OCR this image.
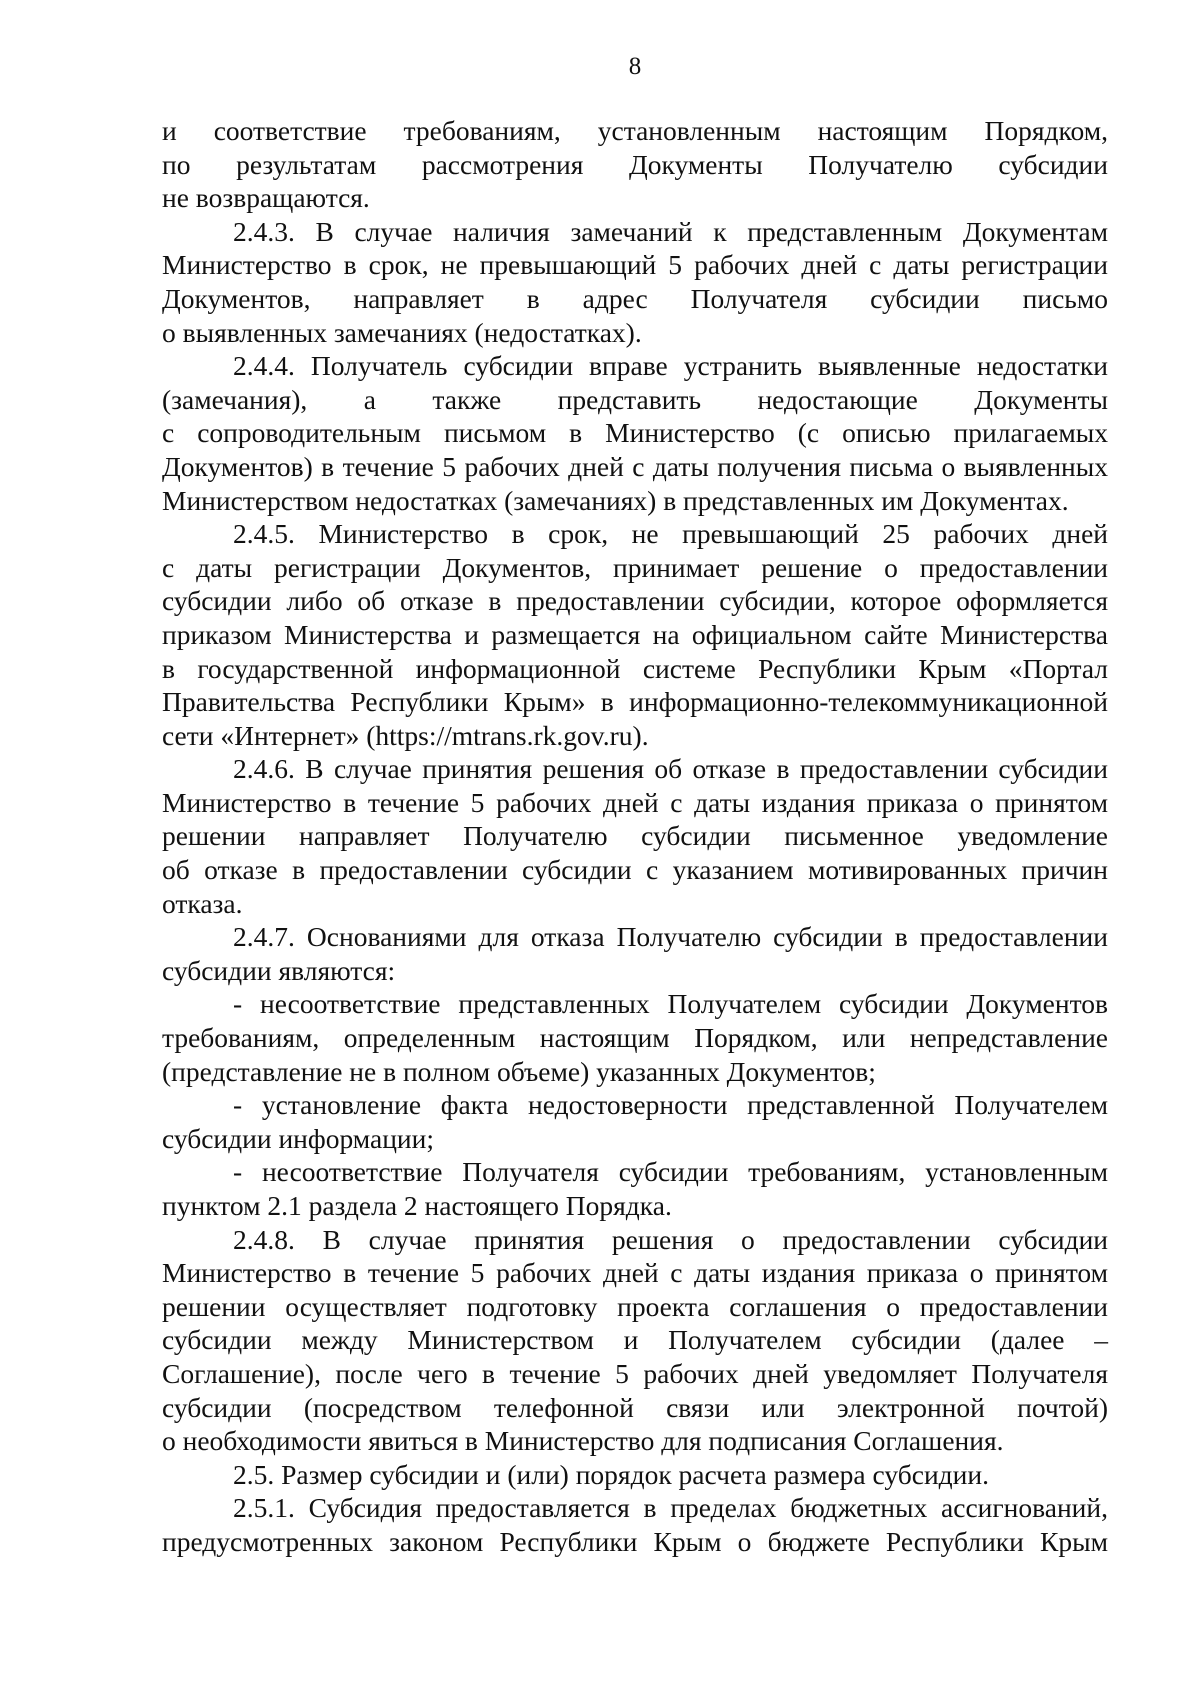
8
и соответствие требованиям, установленным настоящим Порядком,
по результатам рассмотрения Документы Получателю субсидии
не возвращаются.
2.4.3. В случае наличия замечаний к представленным Документам
Министерство в срок, не превышающий 5 рабочих дней с даты регистрации
Документов, направляет в адрес Получателя субсидии письмо
о выявленных замечаниях (недостатках).
2.4.4. Получатель субсидии вправе устранить выявленные недостатки
(замечания), а также представить недостающие Документы
с сопроводительным письмом в Министерство (с описью прилагаемых
Документов) в течение 5 рабочих дней с даты получения письма о выявленных
Министерством недостатках (замечаниях) в представленных им Документах.
2.4.5. Министерство в срок, не превышающий 25 рабочих дней
с даты регистрации Документов, принимает решение о предоставлении
субсидии либо об отказе в предоставлении субсидии, которое оформляется
приказом Министерства и размещается на официальном сайте Министерства
в государственной информационной системе Республики Крым «Портал
Правительства Республики Крым» в информационно-телекоммуникационной
сети «Интернет» (https://mtrans.rk.gov.ru).
2.4.6. В случае принятия решения об отказе в предоставлении субсидии
Министерство в течение 5 рабочих дней с даты издания приказа о принятом
решении направляет Получателю субсидии письменное уведомление
об отказе в предоставлении субсидии с указанием мотивированных причин
отказа.
2.4.7. Основаниями для отказа Получателю субсидии в предоставлении
субсидии являются:
- несоответствие представленных Получателем субсидии Документов
требованиям, определенным настоящим Порядком, или непредставление
(представление не в полном объеме) указанных Документов;
- установление факта недостоверности представленной Получателем
субсидии информации;
- несоответствие Получателя субсидии требованиям, установленным
пунктом 2.1 раздела 2 настоящего Порядка.
2.4.8. В случае принятия решения о предоставлении субсидии
Министерство в течение 5 рабочих дней с даты издания приказа о принятом
решении осуществляет подготовку проекта соглашения о предоставлении
субсидии между Министерством и Получателем субсидии (далее –
Соглашение), после чего в течение 5 рабочих дней уведомляет Получателя
субсидии (посредством телефонной связи или электронной почтой)
о необходимости явиться в Министерство для подписания Соглашения.
2.5. Размер субсидии и (или) порядок расчета размера субсидии.
2.5.1. Субсидия предоставляется в пределах бюджетных ассигнований,
предусмотренных законом Республики Крым о бюджете Республики Крым
